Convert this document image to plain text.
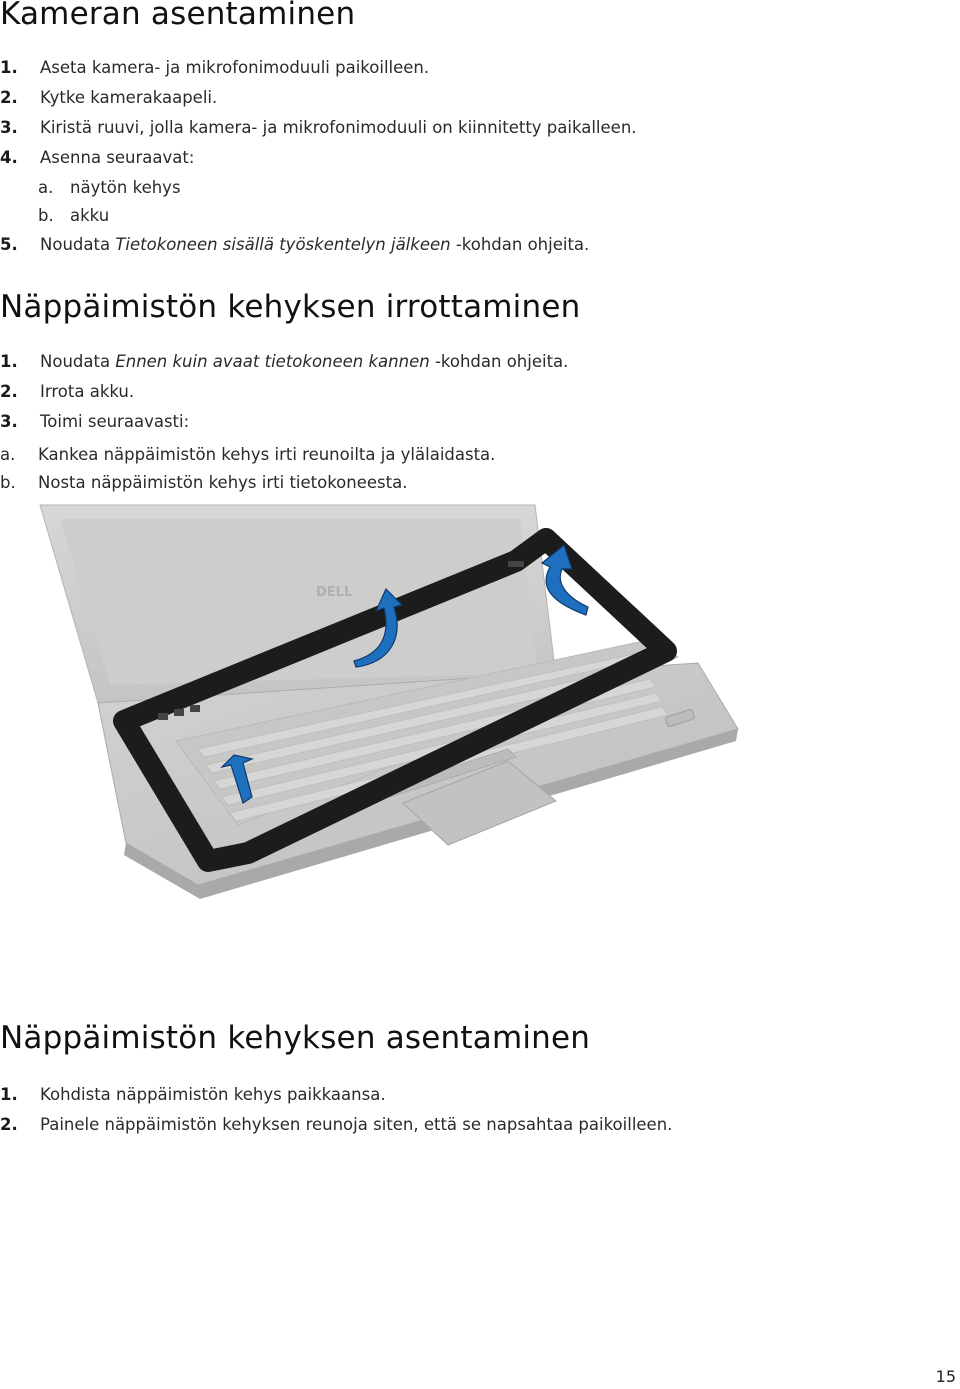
Kameran asentaminen
1. Aseta kamera- ja mikrofonimoduuli paikoilleen.
2. Kytke kamerakaapeli.
3. Kiristä ruuvi, jolla kamera- ja mikrofonimoduuli on kiinnitetty paikalleen.
4. Asenna seuraavat:
a. näytön kehys
b. akku
5. Noudata Tietokoneen sisällä työskentelyn jälkeen -kohdan ohjeita.
Näppäimistön kehyksen irrottaminen
1. Noudata Ennen kuin avaat tietokoneen kannen -kohdan ohjeita.
2. Irrota akku.
3. Toimi seuraavasti:
a. Kankea näppäimistön kehys irti reunoilta ja ylälaidasta.
b. Nosta näppäimistön kehys irti tietokoneesta.
DELL
Näppäimistön kehyksen asentaminen
1. Kohdista näppäimistön kehys paikkaansa.
2. Painele näppäimistön kehyksen reunoja siten, että se napsahtaa paikoilleen.
15
